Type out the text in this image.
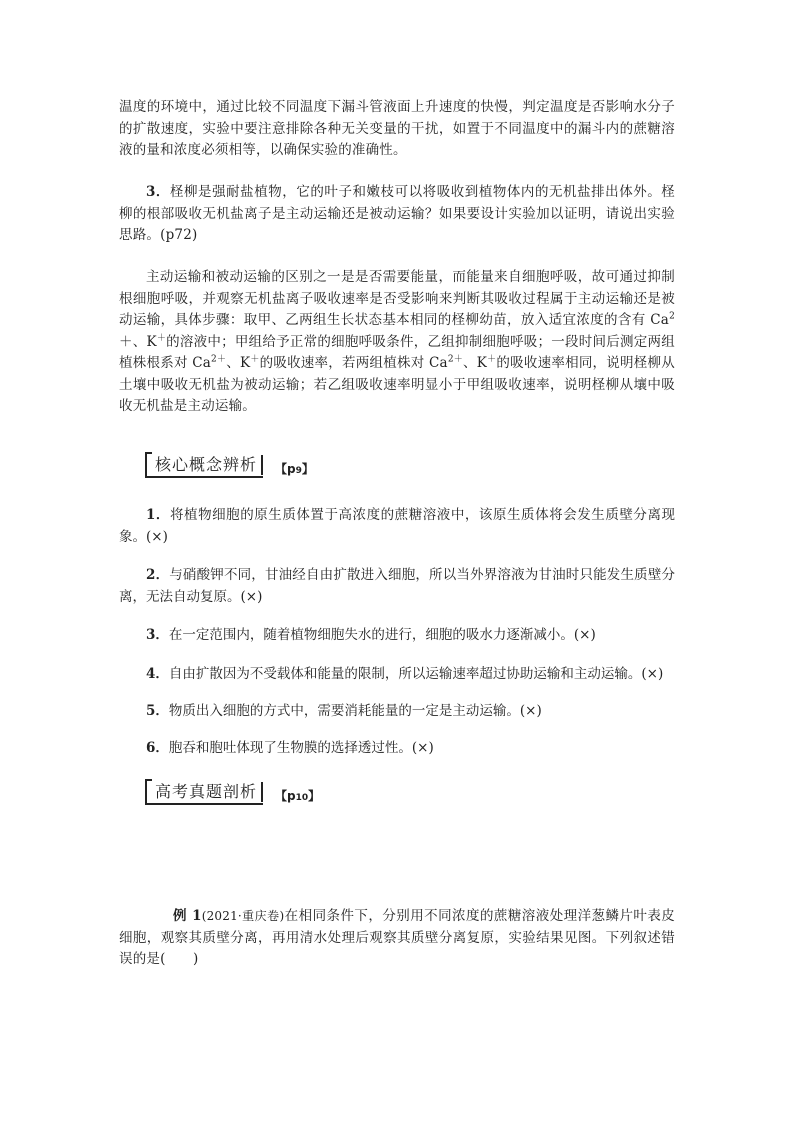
温度的环境中，通过比较不同温度下漏斗管液面上升速度的快慢，判定温度是否影响水分子的扩散速度，实验中要注意排除各种无关变量的干扰，如置于不同温度中的漏斗内的蔗糖溶液的量和浓度必须相等，以确保实验的准确性。

3．柽柳是强耐盐植物，它的叶子和嫩枝可以将吸收到植物体内的无机盐排出体外。柽柳的根部吸收无机盐离子是主动运输还是被动运输？如果要设计实验加以证明，请说出实验思路。(p72)

主动运输和被动运输的区别之一是是否需要能量，而能量来自细胞呼吸，故可通过抑制根细胞呼吸，并观察无机盐离子吸收速率是否受影响来判断其吸收过程属于主动运输还是被动运输，具体步骤：取甲、乙两组生长状态基本相同的柽柳幼苗，放入适宜浓度的含有 $Ca^2+$、K＋的溶液中；甲组给予正常的细胞呼吸条件，乙组抑制细胞呼吸；一段时间后测定两组植株根系对 $Ca^{2+}$、K＋的吸收速率，若两组植株对 $Ca^{2+}$、K＋的吸收速率相同，说明柽柳从土壤中吸收无机盐为被动运输；若乙组吸收速率明显小于甲组吸收速率，说明柽柳从壤中吸收无机盐是主动运输。

核心概念辨析	【p9】

1．将植物细胞的原生质体置于高浓度的蔗糖溶液中，该原生质体将会发生质壁分离现象。(×)

2．与硝酸钾不同，甘油经自由扩散进入细胞，所以当外界溶液为甘油时只能发生质壁分离，无法自动复原。(×)

3．在一定范围内，随着植物细胞失水的进行，细胞的吸水力逐渐减小。(×)

4．自由扩散因为不受载体和能量的限制，所以运输速率超过协助运输和主动运输。(×)

5．物质出入细胞的方式中，需要消耗能量的一定是主动运输。(×)

6．胞吞和胞吐体现了生物膜的选择透过性。(×)

高考真题剖析	【p10】

例 1(2021·重庆卷)在相同条件下，分别用不同浓度的蔗糖溶液处理洋葱鳞片叶表皮细胞，观察其质壁分离，再用清水处理后观察其质壁分离复原，实验结果见图。下列叙述错误的是(　　)
